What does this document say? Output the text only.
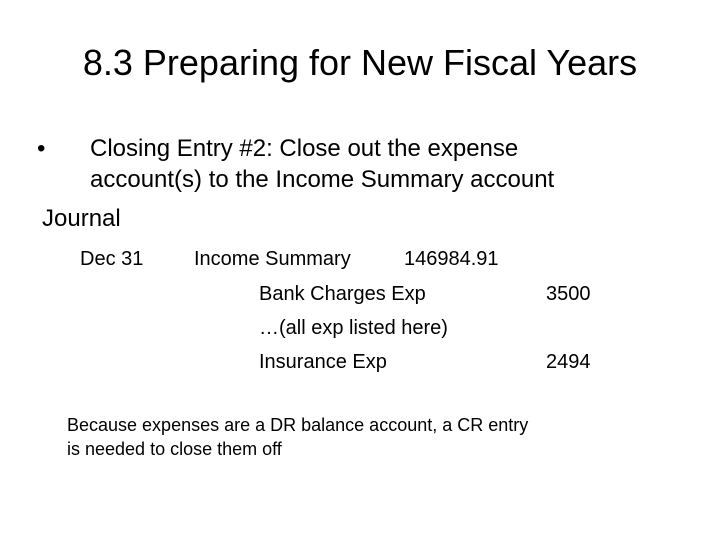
8.3 Preparing for New Fiscal Years
• Closing Entry #2: Close out the expense
account(s) to the Income Summary account
Journal
Dec 31	Income Summary	146984.91
Bank Charges Exp	3500
…(all exp listed here)
Insurance Exp	2494
Because expenses are a DR balance account, a CR entry
is needed to close them off
